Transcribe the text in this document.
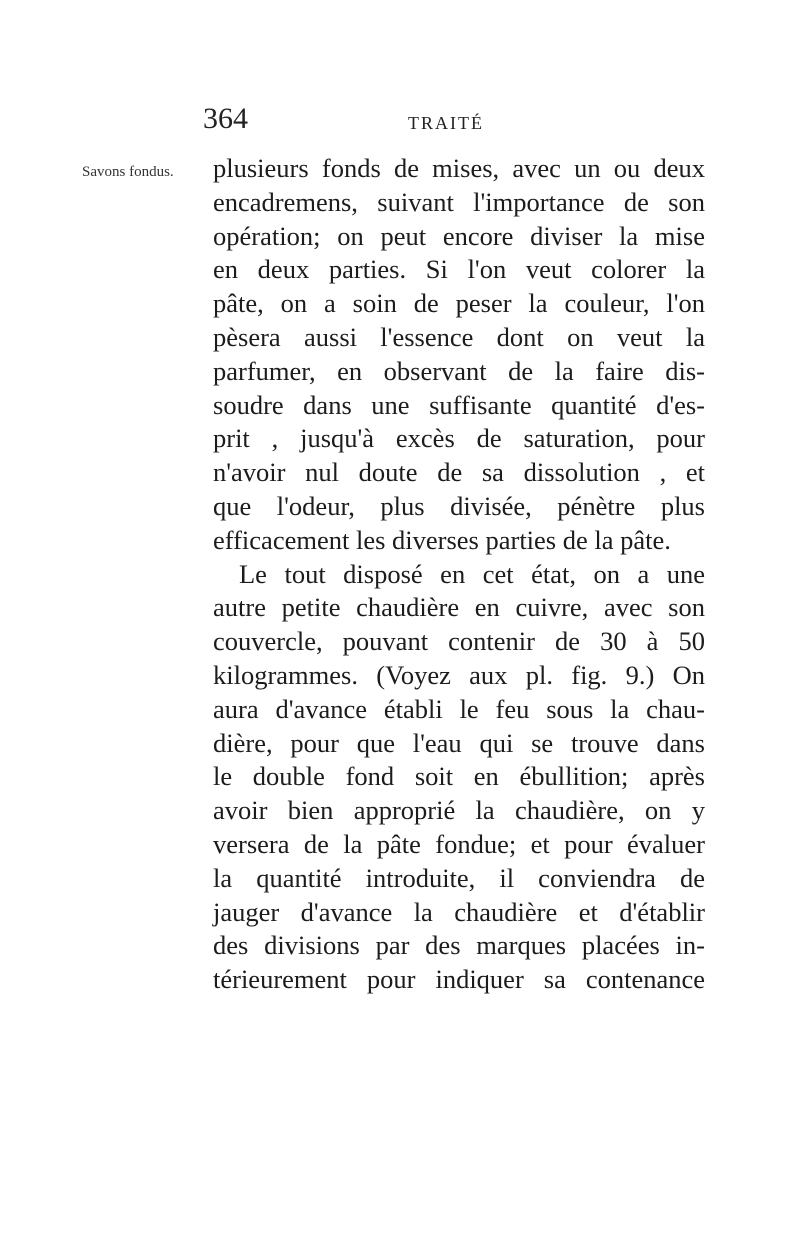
364	TRAITÉ
Savons fondus. plusieurs fonds de mises, avec un ou deux
encadremens, suivant l'importance de son
opération; on peut encore diviser la mise
en deux parties. Si l'on veut colorer la
pâte, on a soin de peser la couleur, l'on
pèsera aussi l'essence dont on veut la
parfumer, en observant de la faire dis-
soudre dans une suffisante quantité d'es-
prit , jusqu'à excès de saturation, pour
n'avoir nul doute de sa dissolution , et
que l'odeur, plus divisée, pénètre plus
efficacement les diverses parties de la pâte.
Le tout disposé en cet état, on a une
autre petite chaudière en cuivre, avec son
couvercle, pouvant contenir de 30 à 50
kilogrammes. (Voyez aux pl. fig. 9.) On
aura d'avance établi le feu sous la chau-
dière, pour que l'eau qui se trouve dans
le double fond soit en ébullition; après
avoir bien approprié la chaudière, on y
versera de la pâte fondue; et pour évaluer
la quantité introduite, il conviendra de
jauger d'avance la chaudière et d'établir
des divisions par des marques placées in-
térieurement pour indiquer sa contenance
